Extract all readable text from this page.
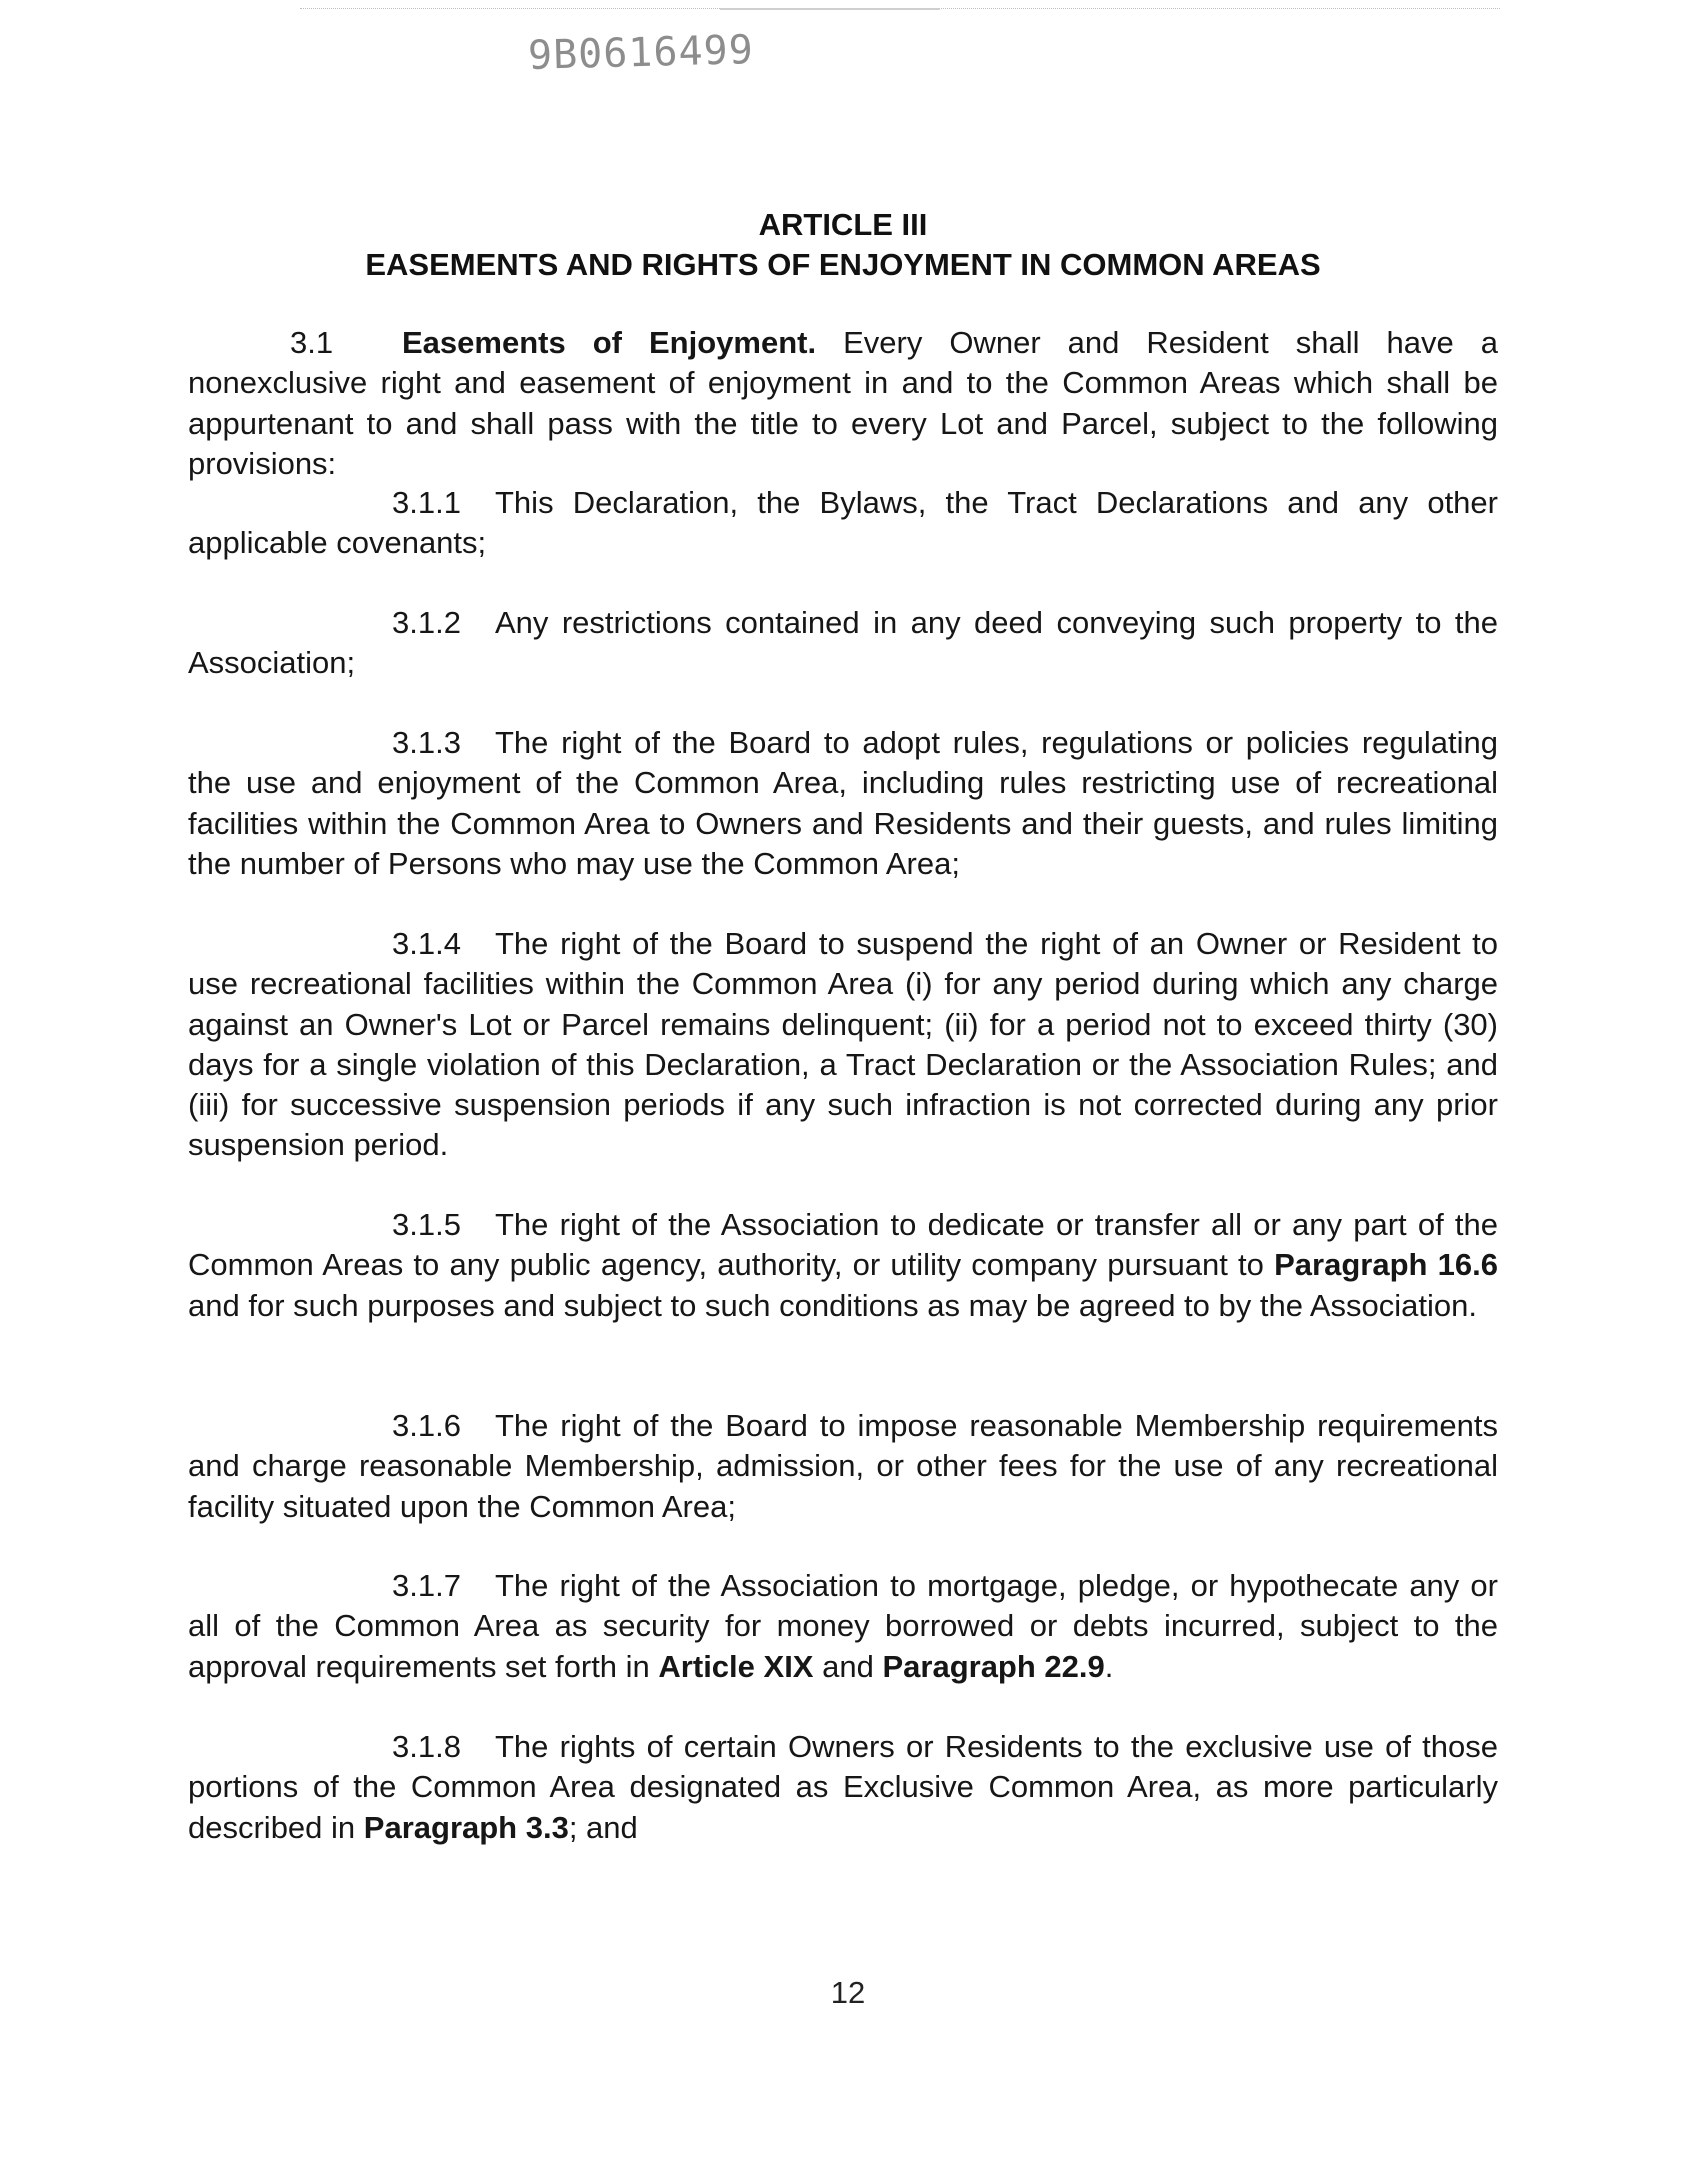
9B0616499
ARTICLE III
EASEMENTS AND RIGHTS OF ENJOYMENT IN COMMON AREAS

3.1 Easements of Enjoyment. Every Owner and Resident shall have a nonexclusive right and easement of enjoyment in and to the Common Areas which shall be appurtenant to and shall pass with the title to every Lot and Parcel, subject to the following provisions:

3.1.1 This Declaration, the Bylaws, the Tract Declarations and any other applicable covenants;

3.1.2 Any restrictions contained in any deed conveying such property to the Association;

3.1.3 The right of the Board to adopt rules, regulations or policies regulating the use and enjoyment of the Common Area, including rules restricting use of recreational facilities within the Common Area to Owners and Residents and their guests, and rules limiting the number of Persons who may use the Common Area;

3.1.4 The right of the Board to suspend the right of an Owner or Resident to use recreational facilities within the Common Area (i) for any period during which any charge against an Owner's Lot or Parcel remains delinquent; (ii) for a period not to exceed thirty (30) days for a single violation of this Declaration, a Tract Declaration or the Association Rules; and (iii) for successive suspension periods if any such infraction is not corrected during any prior suspension period.

3.1.5 The right of the Association to dedicate or transfer all or any part of the Common Areas to any public agency, authority, or utility company pursuant to Paragraph 16.6 and for such purposes and subject to such conditions as may be agreed to by the Association.

3.1.6 The right of the Board to impose reasonable Membership requirements and charge reasonable Membership, admission, or other fees for the use of any recreational facility situated upon the Common Area;

3.1.7 The right of the Association to mortgage, pledge, or hypothecate any or all of the Common Area as security for money borrowed or debts incurred, subject to the approval requirements set forth in Article XIX and Paragraph 22.9.

3.1.8 The rights of certain Owners or Residents to the exclusive use of those portions of the Common Area designated as Exclusive Common Area, as more particularly described in Paragraph 3.3; and

12
